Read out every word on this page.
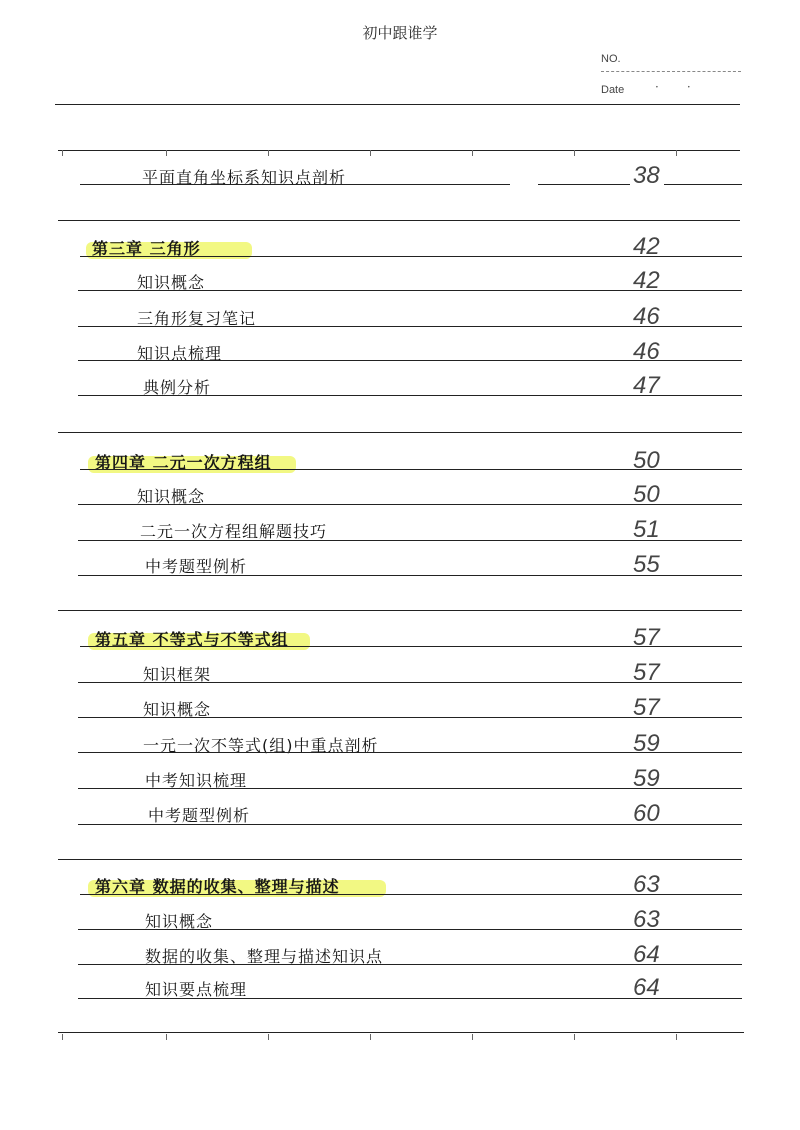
初中跟谁学
NO.
Date	··
平面直角坐标系知识点剖析	38
第三章 三角形	42
知识概念	42
三角形复习笔记	46
知识点梳理	46
典例分析	47
第四章 二元一次方程组	50
知识概念	50
二元一次方程组解题技巧	51
中考题型例析	55
第五章 不等式与不等式组	57
知识框架	57
知识概念	57
一元一次不等式(组)中重点剖析	59
中考知识梳理	59
中考题型例析	60
第六章 数据的收集、整理与描述	63
知识概念	63
数据的收集、整理与描述知识点	64
知识要点梳理	64
